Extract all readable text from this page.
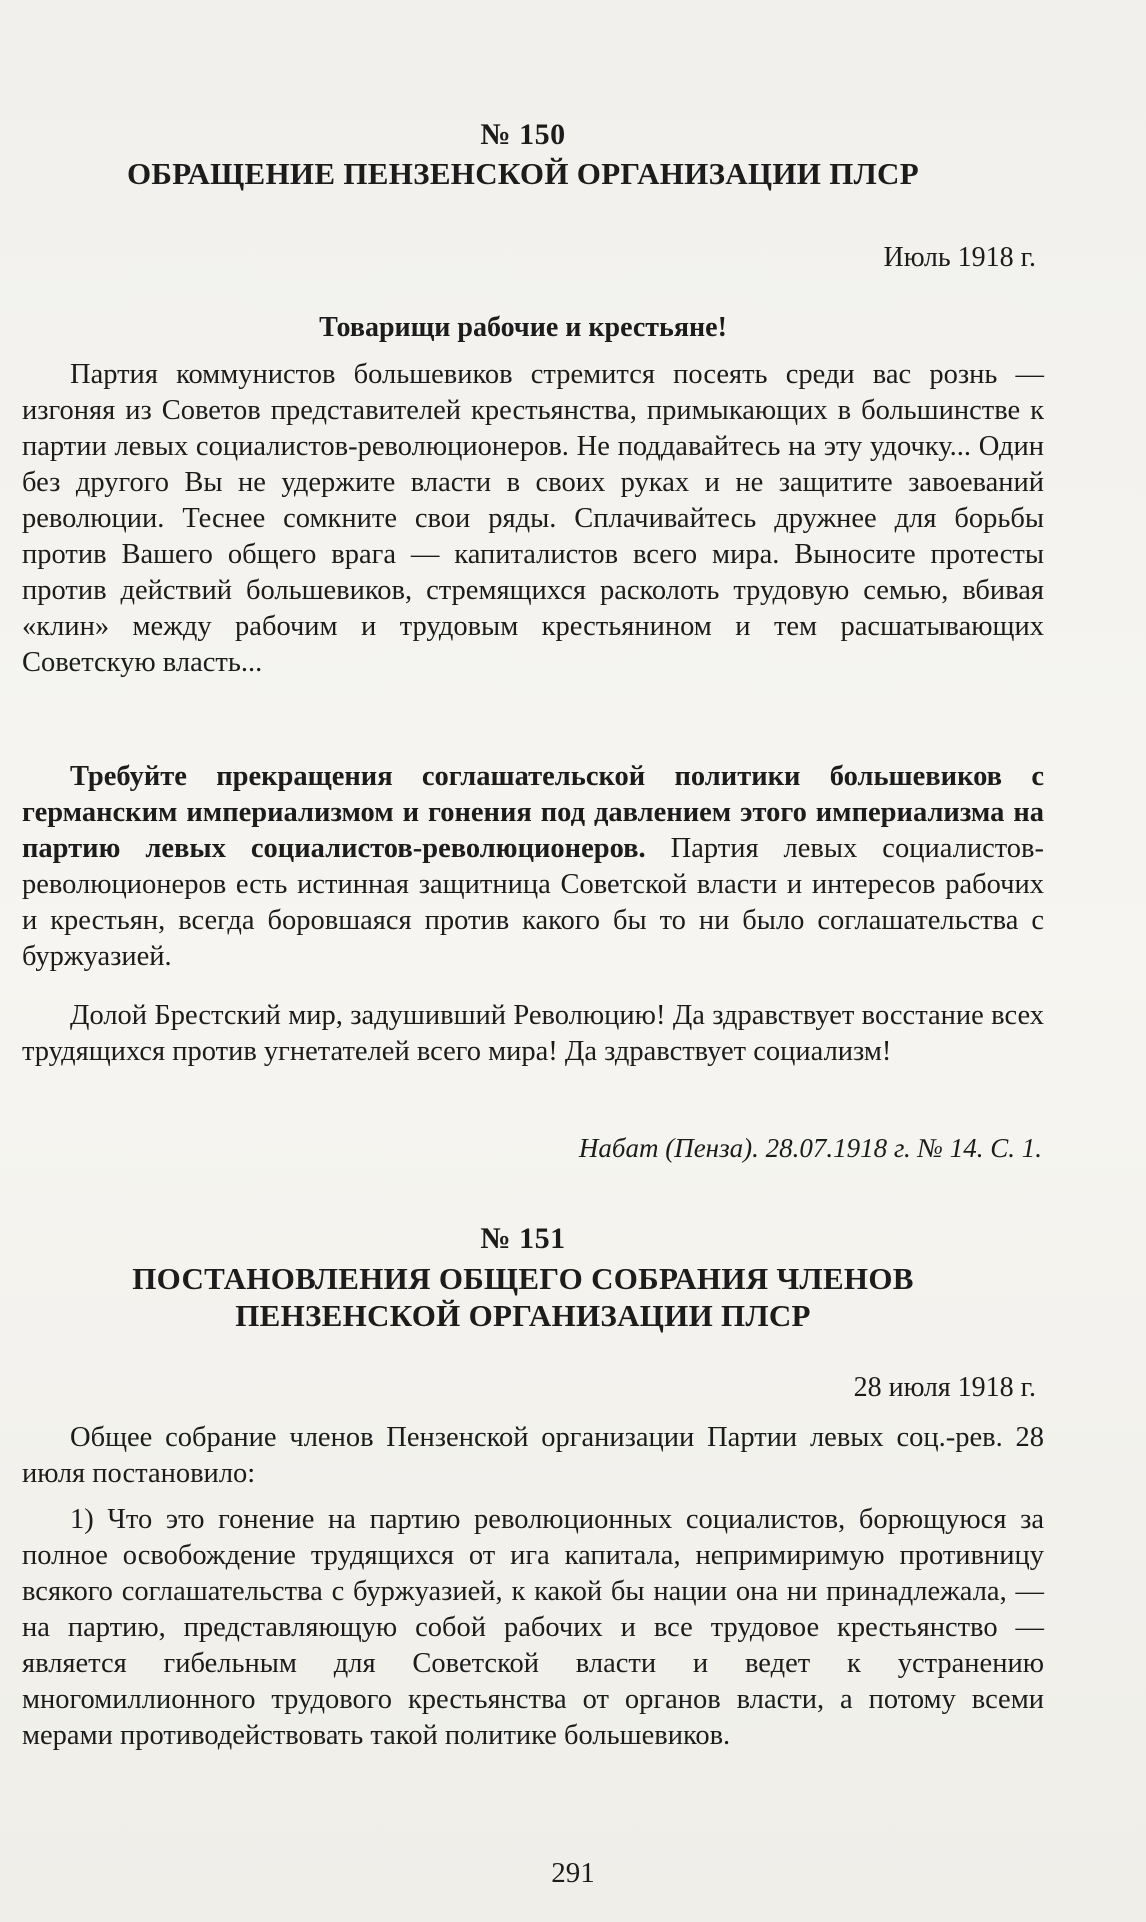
№ 150
ОБРАЩЕНИЕ ПЕНЗЕНСКОЙ ОРГАНИЗАЦИИ ПЛСР
Июль 1918 г.
Товарищи рабочие и крестьяне!

Партия коммунистов большевиков стремится посеять среди вас рознь — изгоняя из Советов представителей крестьянства, примыкающих в большинстве к партии левых социалистов-революционеров. Не поддавайтесь на эту удочку... Один без другого Вы не удержите власти в своих руках и не защитите завоеваний революции. Теснее сомкните свои ряды. Сплачивайтесь дружнее для борьбы против Вашего общего врага — капиталистов всего мира. Выносите протесты против действий большевиков, стремящихся расколоть трудовую семью, вбивая «клин» между рабочим и трудовым крестьянином и тем расшатывающих Советскую власть...

Требуйте прекращения соглашательской политики большевиков с германским империализмом и гонения под давлением этого империализма на партию левых социалистов-революционеров. Партия левых социалистов-революционеров есть истинная защитница Советской власти и интересов рабочих и крестьян, всегда боровшаяся против какого бы то ни было соглашательства с буржуазией.

Долой Брестский мир, задушивший Революцию! Да здравствует восстание всех трудящихся против угнетателей всего мира! Да здравствует социализм!

Набат (Пенза). 28.07.1918 г. № 14. С. 1.
№ 151
ПОСТАНОВЛЕНИЯ ОБЩЕГО СОБРАНИЯ ЧЛЕНОВ
ПЕНЗЕНСКОЙ ОРГАНИЗАЦИИ ПЛСР
28 июля 1918 г.

Общее собрание членов Пензенской организации Партии левых соц.-рев. 28 июля постановило:

1) Что это гонение на партию революционных социалистов, борющуюся за полное освобождение трудящихся от ига капитала, непримиримую противницу всякого соглашательства с буржуазией, к какой бы нации она ни принадлежала, — на партию, представляющую собой рабочих и все трудовое крестьянство — является гибельным для Советской власти и ведет к устранению многомиллионного трудового крестьянства от органов власти, а потому всеми мерами противодействовать такой политике большевиков.

291
